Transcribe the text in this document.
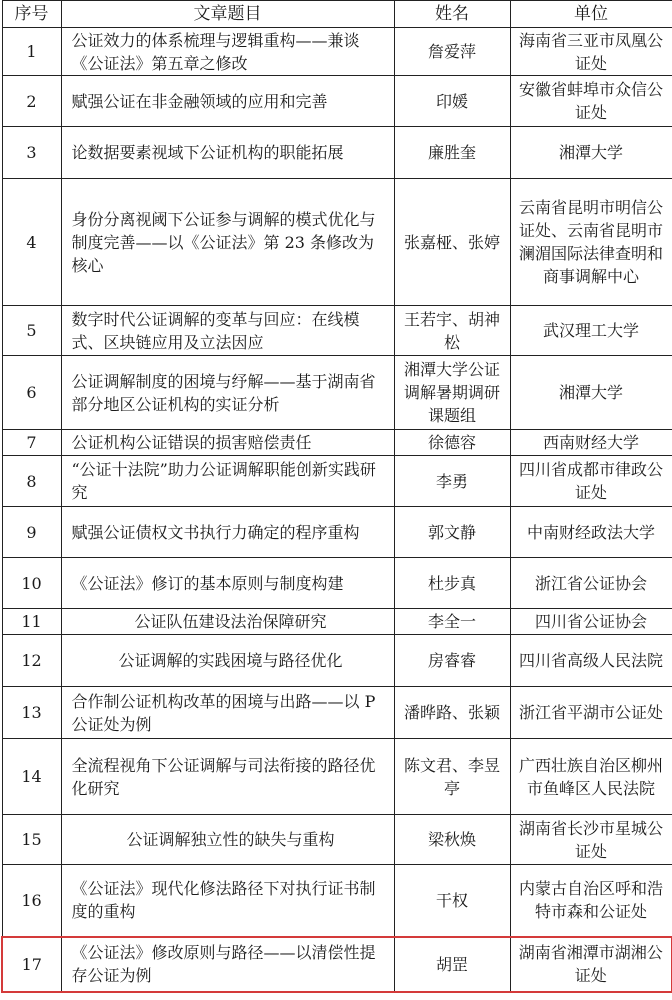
序号	文章题目	姓名	单位
1	公证效力的体系梳理与逻辑重构——兼谈《公证法》第五章之修改	詹爱萍	海南省三亚市凤凰公证处
2	赋强公证在非金融领域的应用和完善	印媛	安徽省蚌埠市众信公证处
3	论数据要素视域下公证机构的职能拓展	廉胜奎	湘潭大学
4	身份分离视阈下公证参与调解的模式优化与制度完善——以《公证法》第 23 条修改为核心	张嘉桠、张婷	云南省昆明市明信公证处、云南省昆明市澜湄国际法律查明和商事调解中心
5	数字时代公证调解的变革与回应：在线模式、区块链应用及立法因应	王若宇、胡神松	武汉理工大学
6	公证调解制度的困境与纾解——基于湖南省部分地区公证机构的实证分析	湘潭大学公证调解暑期调研课题组	湘潭大学
7	公证机构公证错误的损害赔偿责任	徐德容	西南财经大学
8	“公证十法院”助力公证调解职能创新实践研究	李勇	四川省成都市律政公证处
9	赋强公证债权文书执行力确定的程序重构	郭文静	中南财经政法大学
10	《公证法》修订的基本原则与制度构建	杜步真	浙江省公证协会
11	公证队伍建设法治保障研究	李全一	四川省公证协会
12	公证调解的实践困境与路径优化	房睿睿	四川省高级人民法院
13	合作制公证机构改革的困境与出路——以 P 公证处为例	潘晔路、张颖	浙江省平湖市公证处
14	全流程视角下公证调解与司法衔接的路径优化研究	陈文君、李昱亭	广西壮族自治区柳州市鱼峰区人民法院
15	公证调解独立性的缺失与重构	梁秋焕	湖南省长沙市星城公证处
16	《公证法》现代化修法路径下对执行证书制度的重构	干权	内蒙古自治区呼和浩特市森和公证处
17	《公证法》修改原则与路径——以清偿性提存公证为例	胡罡	湖南省湘潭市湖湘公证处
